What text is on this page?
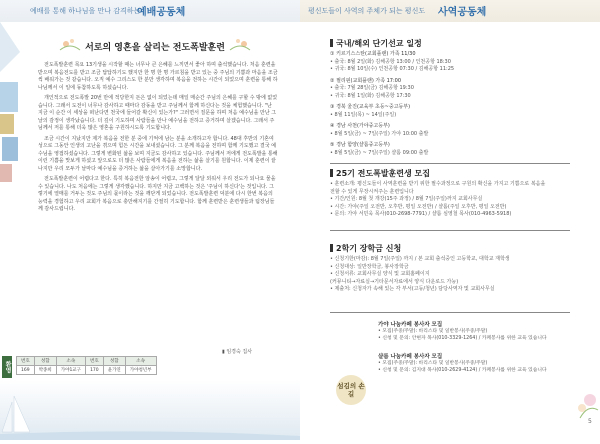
예배를 통해 하나님을 만나 감격하는
예배공동체
서로의 영혼을 살리는 전도폭발훈련

전도폭발훈련 목요 13기생을 시작할 때는 너무나 큰 은혜를 느끼면서 좋아 하며 출석했습니다. 처음 훈련을 받으며 복음전도를 받고 조금 답답하기도 했지만 한 명 한 명 가르침을 받고 있는 중 주님의 기쁨과 마음을 조금씩 배워가는 것 같습니다. 오직 예수 그리스도 한 분만 생각하며 복음을 전하는 시간이 되었으며 훈련을 통해 하나님께서 이 일에 동참하도록 하셨습니다.

개인적으로 전도폭발 20번 만에 적당한지 돈은 없이 되었는데 매일 매순간 주님의 은혜를 구할 수 밖에 없었습니다. 그래서 도전이 너무나 감사하고 때마다 감동을 받고 주님께서 함께 하신다는 것을 체험했습니다. "난 지금 이 순간 이 세상을 떠난다면 천국에 들어갈 확신이 있는가?" 그러면서 질문을 하며 처음 예수님을 만난 그날의 감정이 생각났습니다. 더 깊이 기도하며 사람들을 만나 예수님을 전하고 증거하며 살겠습니다. 그래서 주님께서 저를 통해 더욱 많은 영혼을 구원하시도록 기도합니다.

조금 시간이 지났지만 제가 복음을 전한 분 중에 기억에 남는 분을 소개하고자 합니다. 48대 후반의 기혼여성으로 그동안 인생의 고난을 겪으며 힘든 시간을 보내셨습니다. 그 분께 복음을 전하며 함께 기도했고 결국 예수님을 영접하셨습니다. 그렇게 변화된 삶을 보며 지금도 감사하고 있습니다. 주님께서 저에게 전도폭발을 통해 이런 기쁨을 맛보게 하셨고 앞으로도 더 많은 사람들에게 복음을 전하는 삶을 살기를 원합니다. 이제 훈련이 끝나지만 우리 모두가 날마다 예수님을 증거하는 삶을 살아가기를 소망합니다.

전도폭발훈련이 어렵다고 한다. 특히 복음전한 암송이 어렵고, 그렇게 달달 외워서 우리 전도가 되나요 물을 수 있습니다. 나도 처음에는 그렇게 생각했습니다. 하지만 지금 고백하는 것은 '주님이 하신다'는 것입니다. 그렇기에 열매를 거두는 것도 주님의 몫이라는 것을 깨닫게 되었습니다. 전도폭발훈련 덕분에 다시 한번 복음의 능력을 경험하고 우리 교회가 복음으로 충만해지기를 간절히 기도합니다. 함께 훈련받은 훈련생들과 팀장님들께 감사드립니다.

▮ 임경숙 집사
환영 번호	성함	소속	번호	성함	소속
169	박종희	가야1교구	170	윤가연	가야청년부
평신도들이 사역의 주체가 되는 평신도 사역공동체
국내/해외 단기선교 일정
① 키르기스스탄(교회플랜) 가족 11/30
• 출국: 8월 2일(화) 김해공항 13:00 / 인천공항 18:30
• 귀국: 8월 10일(수) 인천공항 07:30 / 김해공항 11:25
② 필리핀(교회플랜) 가족 17:00
• 출국: 7월 28일(금) 김해공항 19:30
• 귀국: 8월 1일(화) 김해공항 17:30
③ 경북 울진(교육부 초등~중고등부)
• 8월 11일(목) ~ 14일(주일)
④ 경남 사천(가야중고등부)
• 8월 5일(금) ~ 7일(주일) 가야 10:00 출발
⑤ 경남 함양(샬롬중고등부)
• 8월 5일(금) ~ 7일(주일) 샬롬 09:00 출발
25기 전도폭발훈련생 모집
• 훈련소개: 평신도들이 사역훈련을 받기 위한 필수과정으로 구원의 확신을 가지고 기쁨으로 복음을
전할 수 있게 무장시켜주는 훈련입니다
• 기간/인원: 8월 첫 개강(15주 과정) / 8월 7일(주일)까지 교회사무실
• 시간: 가야(주일 오전반, 오후반, 평일 오전반) / 샬롬(주일 오후반, 평일 오전반)
• 문의: 가야 서민욱 목사(010-2698-7791) / 샬롬 심영철 목사(010-4963-5918)
2학기 장학금 신청
• 신청기한(마감): 8월 7일(주일) 까지 / 본 교회 출석중인 고등학교, 대학교 재학생
• 신청대상: 일반장학금, 봉사장학금
• 신청서류: 교회사무실 양식 및 교회홈페이지
(커뮤니티→자료실→기타문서자료에서 양식 다운로드 가능)
• 제출처: 신청자가 속해 있는 각 부서(고등/청년) 담당사역자 및 교회사무실
섬김의 손길
가야 나눔카페 봉사자 모집
• 모집(주중/주말): 바리스타 및 일반봉사(주중/주말)
• 신청 및 문의: 안현자 목사(010-3329-1264) / 카페봉사를 위한 교육 있습니다
샬롬 나눔카페 봉사자 모집
• 모집(주중/주말): 바리스타 및 일반봉사(주중/주말)
• 신청 및 문의: 김지대 목사(010-2629-4124) / 카페봉사를 위한 교육 있습니다
5
